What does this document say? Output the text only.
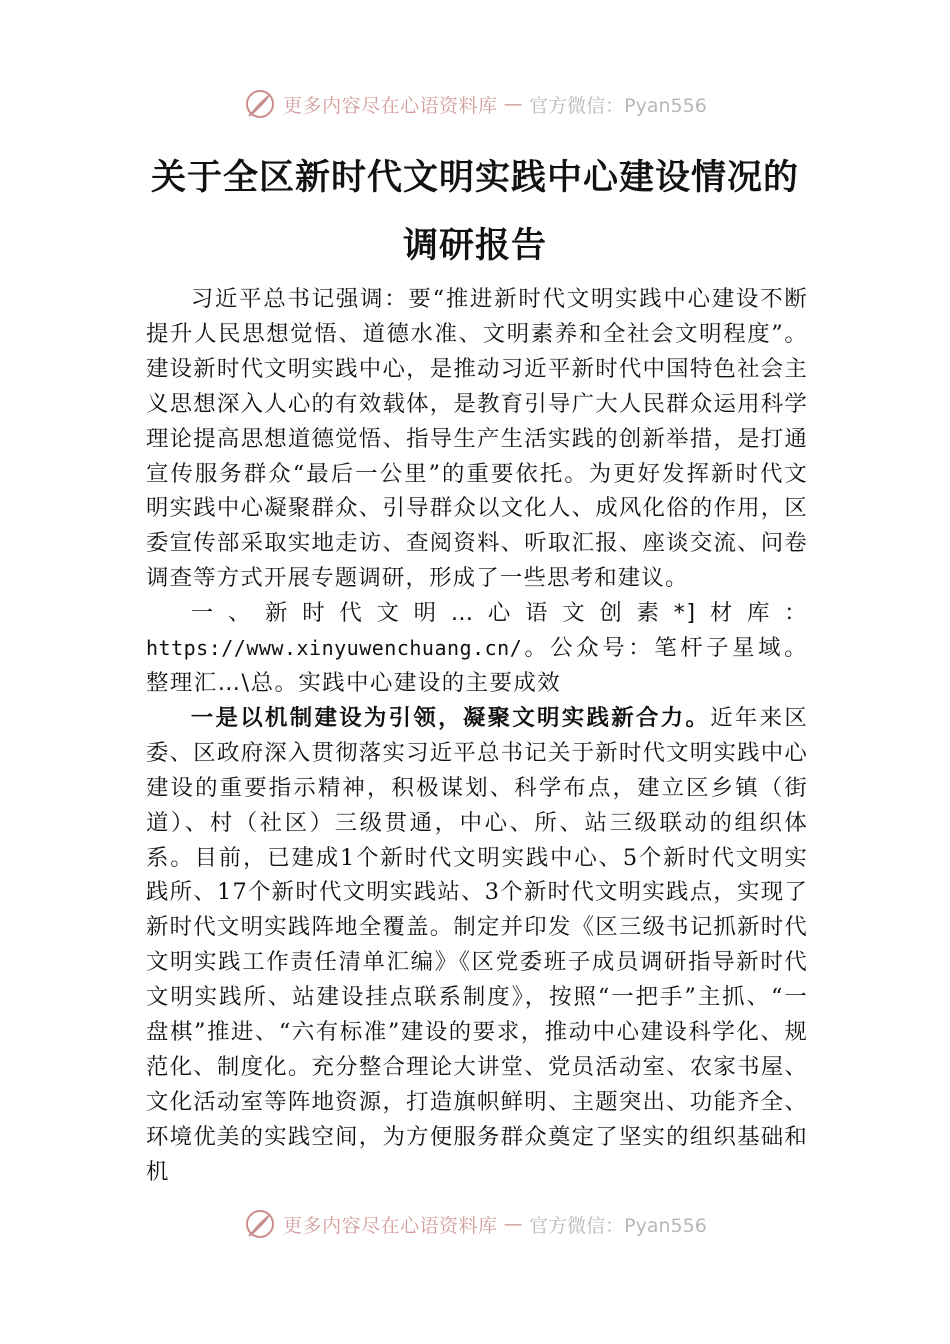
更多内容尽在心语资料库 — 官方微信：Pyan556
关于全区新时代文明实践中心建设情况的
调研报告

习近平总书记强调：要“推进新时代文明实践中心建设不断提升人民思想觉悟、道德水准、文明素养和全社会文明程度”。建设新时代文明实践中心，是推动习近平新时代中国特色社会主义思想深入人心的有效载体，是教育引导广大人民群众运用科学理论提高思想道德觉悟、指导生产生活实践的创新举措，是打通宣传服务群众“最后一公里”的重要依托。为更好发挥新时代文明实践中心凝聚群众、引导群众以文化人、成风化俗的作用，区委宣传部采取实地走访、查阅资料、听取汇报、座谈交流、问卷调查等方式开展专题调研，形成了一些思考和建议。

一、新时代文明…心语文创素*]材库：https://www.xinyuwenchuang.cn/。公众号：笔杆子星域。整理汇…\总。实践中心建设的主要成效

一是以机制建设为引领，凝聚文明实践新合力。近年来区委、区政府深入贯彻落实习近平总书记关于新时代文明实践中心建设的重要指示精神，积极谋划、科学布点，建立区乡镇（街道）、村（社区）三级贯通，中心、所、站三级联动的组织体系。目前，已建成1个新时代文明实践中心、5个新时代文明实践所、17个新时代文明实践站、3个新时代文明实践点，实现了新时代文明实践阵地全覆盖。制定并印发《区三级书记抓新时代文明实践工作责任清单汇编》《区党委班子成员调研指导新时代文明实践所、站建设挂点联系制度》，按照“一把手”主抓、“一盘棋”推进、“六有标准”建设的要求，推动中心建设科学化、规范化、制度化。充分整合理论大讲堂、党员活动室、农家书屋、文化活动室等阵地资源，打造旗帜鲜明、主题突出、功能齐全、环境优美的实践空间，为方便服务群众奠定了坚实的组织基础和机

更多内容尽在心语资料库 — 官方微信：Pyan556
